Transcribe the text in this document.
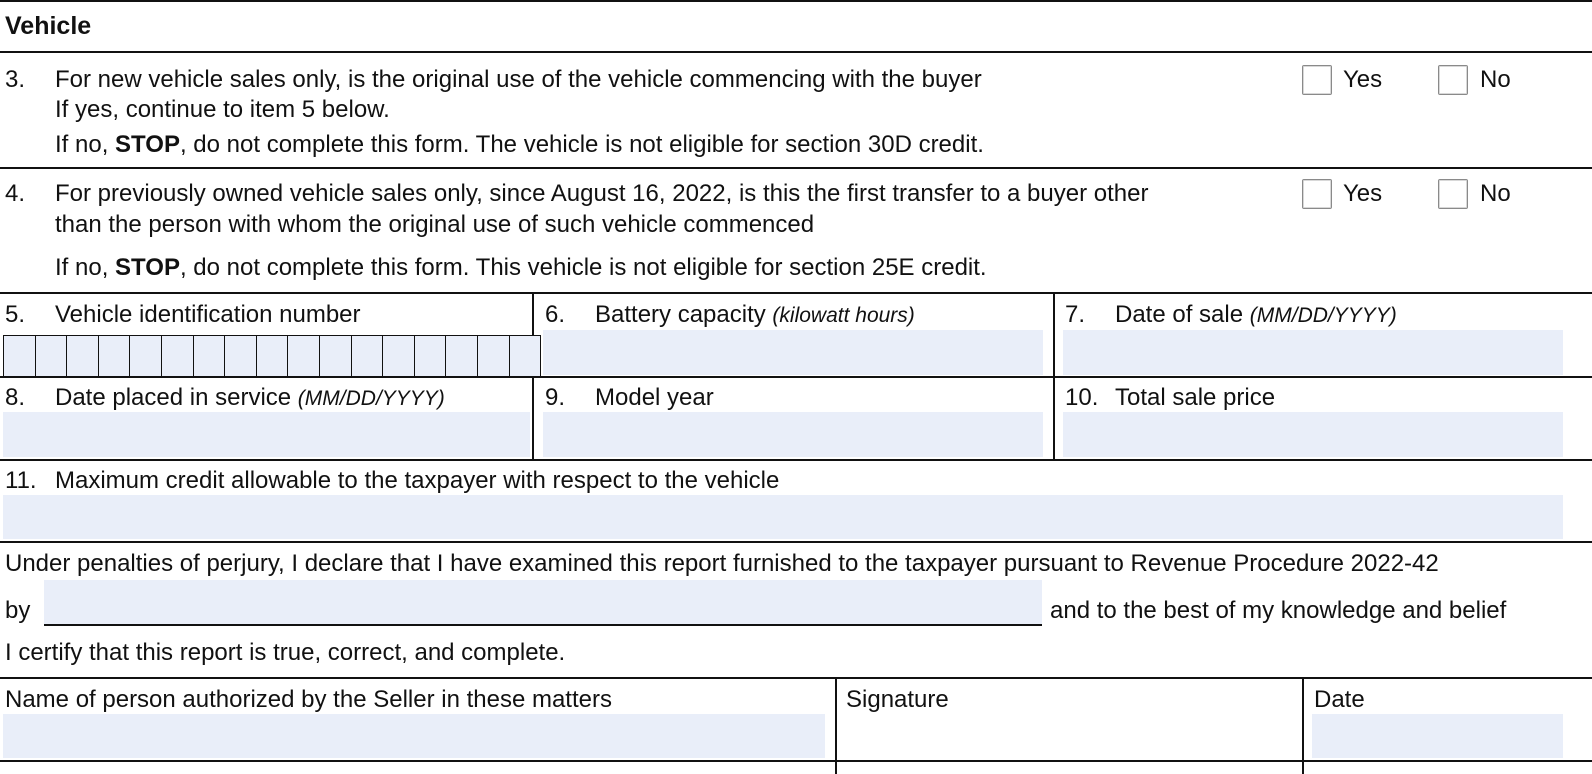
Vehicle
3. For new vehicle sales only, is the original use of the vehicle commencing with the buyer
If yes, continue to item 5 below.
If no, STOP, do not complete this form. The vehicle is not eligible for section 30D credit.
Yes	No
4. For previously owned vehicle sales only, since August 16, 2022, is this the first transfer to a buyer other
than the person with whom the original use of such vehicle commenced
If no, STOP, do not complete this form. This vehicle is not eligible for section 25E credit.
Yes	No
5. Vehicle identification number	6. Battery capacity (kilowatt hours)	7. Date of sale (MM/DD/YYYY)
8. Date placed in service (MM/DD/YYYY)	9. Model year	10. Total sale price
11. Maximum credit allowable to the taxpayer with respect to the vehicle
Under penalties of perjury, I declare that I have examined this report furnished to the taxpayer pursuant to Revenue Procedure 2022-42
by	and to the best of my knowledge and belief
I certify that this report is true, correct, and complete.
Name of person authorized by the Seller in these matters	Signature	Date
